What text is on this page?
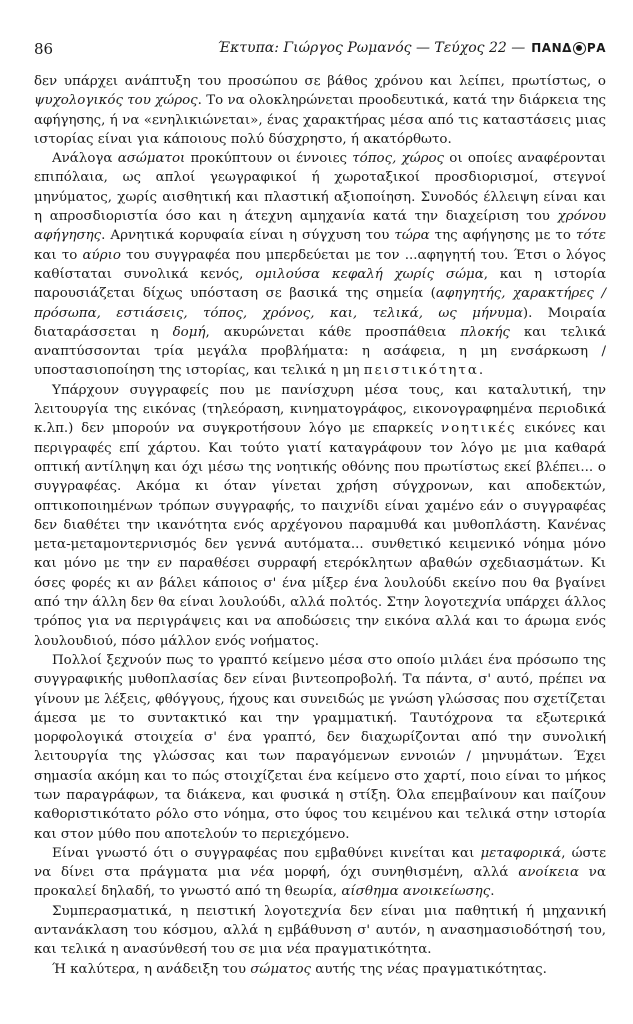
86	Έκτυπα: Γιώργος Ρωμανός — Τεύχος 22 — ΠΑΝΔ ΡΑ

δεν υπάρχει ανάπτυξη του προσώπου σε βάθος χρόνου και λείπει, πρωτίστως, ο ψυχολογικός του χώρος. Το να ολοκληρώνεται προοδευτικά, κατά την διάρκεια της αφήγησης, ή να «ενηλικιώνεται», ένας χαρακτήρας μέσα από τις καταστάσεις μιας ιστορίας είναι για κάποιους πολύ δύσχρηστο, ή ακατόρθωτο.

Ανάλογα ασώματοι προκύπτουν οι έννοιες τόπος, χώρος οι οποίες αναφέρονται επιπόλαια, ως απλοί γεωγραφικοί ή χωροταξικοί προσδιορισμοί, στεγνοί μηνύματος, χωρίς αισθητική και πλαστική αξιοποίηση. Συνοδός έλλειψη είναι και η απροσδιοριστία όσο και η άτεχνη αμηχανία κατά την διαχείριση του χρόνου αφήγησης. Αρνητικά κορυφαία είναι η σύγχυση του τώρα της αφήγησης με το τότε και το αύριο του συγγραφέα που μπερδεύεται με τον ...αφηγητή του. Έτσι ο λόγος καθίσταται συνολικά κενός, ομιλούσα κεφαλή χωρίς σώμα, και η ιστορία παρουσιάζεται δίχως υπόσταση σε βασικά της σημεία (αφηγητής, χαρακτήρες / πρόσωπα, εστιάσεις, τόπος, χρόνος, και, τελικά, ως μήνυμα). Μοιραία διαταράσσεται η δομή, ακυρώνεται κάθε προσπάθεια πλοκής και τελικά αναπτύσσονται τρία μεγάλα προβλήματα: η ασάφεια, η μη ενσάρκωση / υποστασιοποίηση της ιστορίας, και τελικά η μη πειστικότητα.

Υπάρχουν συγγραφείς που με πανίσχυρη μέσα τους, και καταλυτική, την λειτουργία της εικόνας (τηλεόραση, κινηματογράφος, εικονογραφημένα περιοδικά κ.λπ.) δεν μπορούν να συγκροτήσουν λόγο με επαρκείς νοητικές εικόνες και περιγραφές επί χάρτου. Και τούτο γιατί καταγράφουν τον λόγο με μια καθαρά οπτική αντίληψη και όχι μέσω της νοητικής οθόνης που πρωτίστως εκεί βλέπει... ο συγγραφέας. Ακόμα κι όταν γίνεται χρήση σύγχρονων, και αποδεκτών, οπτικοποιημένων τρόπων συγγραφής, το παιχνίδι είναι χαμένο εάν ο συγγραφέας δεν διαθέτει την ικανότητα ενός αρχέγονου παραμυθά και μυθοπλάστη. Κανένας μετα-μεταμοντερνισμός δεν γεννά αυτόματα... συνθετικό κειμενικό νόημα μόνο και μόνο με την εν παραθέσει συρραφή ετερόκλητων αβαθών σχεδιασμάτων. Κι όσες φορές κι αν βάλει κάποιος σ' ένα μίξερ ένα λουλούδι εκείνο που θα βγαίνει από την άλλη δεν θα είναι λουλούδι, αλλά πολτός. Στην λογοτεχνία υπάρχει άλλος τρόπος για να περιγράψεις και να αποδώσεις την εικόνα αλλά και το άρωμα ενός λουλουδιού, πόσο μάλλον ενός νοήματος.

Πολλοί ξεχνούν πως το γραπτό κείμενο μέσα στο οποίο μιλάει ένα πρόσωπο της συγγραφικής μυθοπλασίας δεν είναι βιντεοπροβολή. Τα πάντα, σ' αυτό, πρέπει να γίνουν με λέξεις, φθόγγους, ήχους και συνειδώς με γνώση γλώσσας που σχετίζεται άμεσα με το συντακτικό και την γραμματική. Ταυτόχρονα τα εξωτερικά μορφολογικά στοιχεία σ' ένα γραπτό, δεν διαχωρίζονται από την συνολική λειτουργία της γλώσσας και των παραγόμενων εννοιών / μηνυμάτων. Έχει σημασία ακόμη και το πώς στοιχίζεται ένα κείμενο στο χαρτί, ποιο είναι το μήκος των παραγράφων, τα διάκενα, και φυσικά η στίξη. Όλα επεμβαίνουν και παίζουν καθοριστικότατο ρόλο στο νόημα, στο ύφος του κειμένου και τελικά στην ιστορία και στον μύθο που αποτελούν το περιεχόμενο.

Είναι γνωστό ότι ο συγγραφέας που εμβαθύνει κινείται και μεταφορικά, ώστε να δίνει στα πράγματα μια νέα μορφή, όχι συνηθισμένη, αλλά ανοίκεια να προκαλεί δηλαδή, το γνωστό από τη θεωρία, αίσθημα ανοικείωσης.

Συμπερασματικά, η πειστική λογοτεχνία δεν είναι μια παθητική ή μηχανική αντανάκλαση του κόσμου, αλλά η εμβάθυνση σ' αυτόν, η ανασημασιοδότησή του, και τελικά η ανασύνθεσή του σε μια νέα πραγματικότητα.

Ή καλύτερα, η ανάδειξη του σώματος αυτής της νέας πραγματικότητας.
